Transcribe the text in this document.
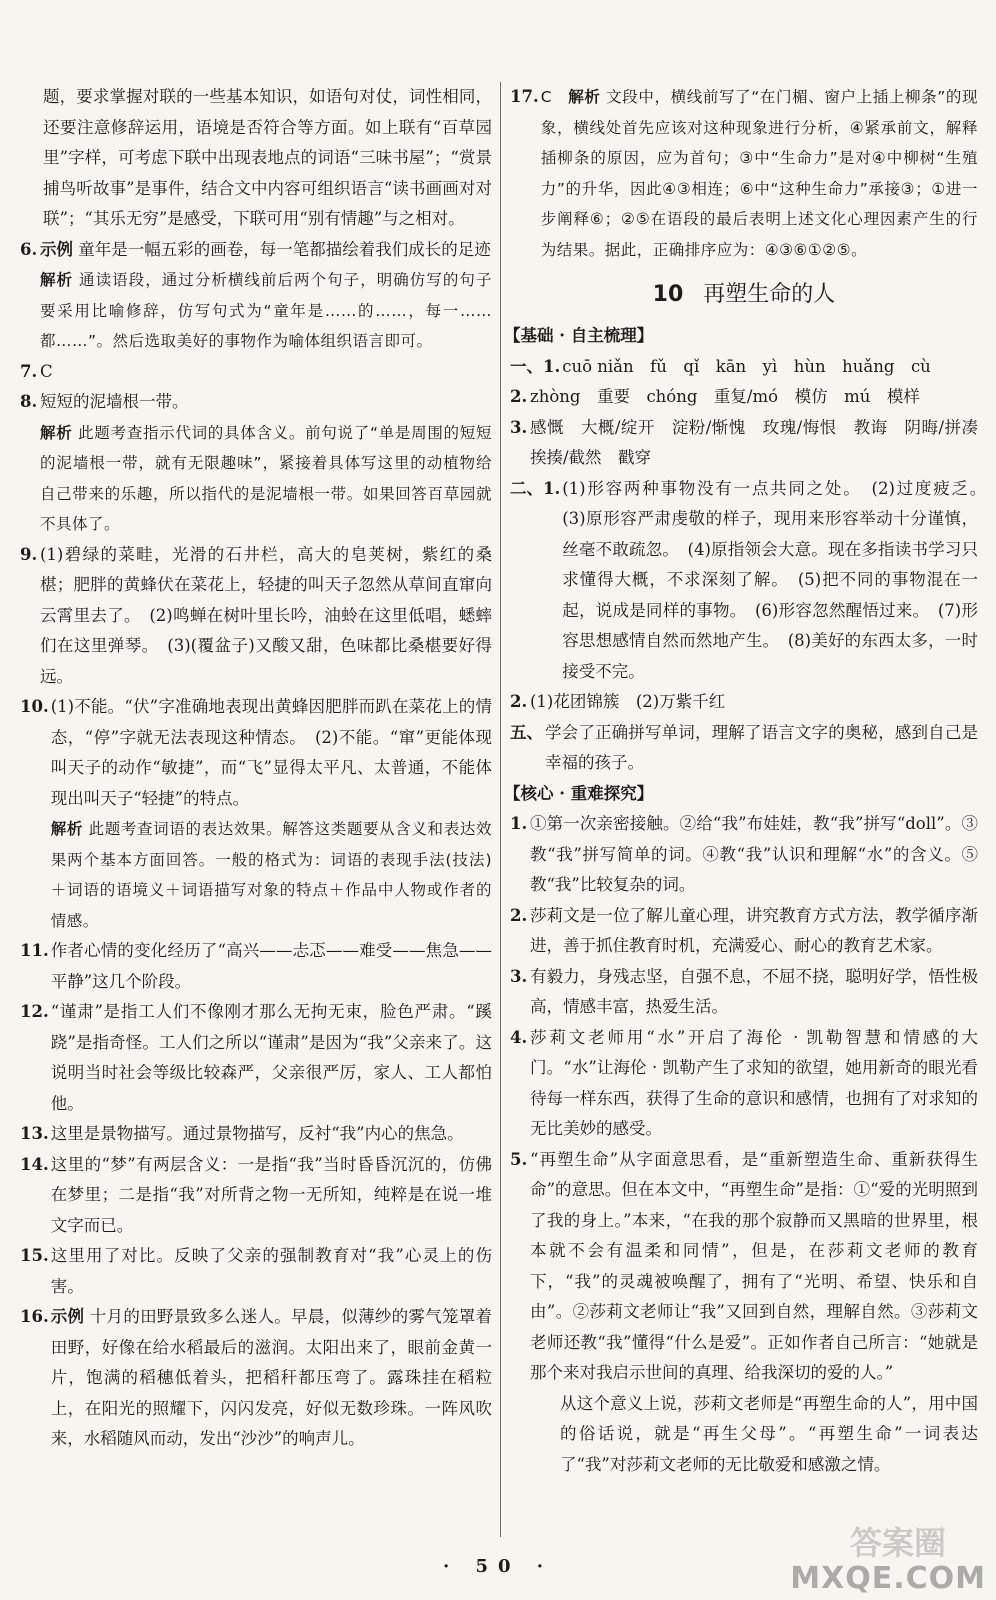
题，要求掌握对联的一些基本知识，如语句对仗，词性相同，还要注意修辞运用，语境是否符合等方面。如上联有“百草园里”字样，可考虑下联中出现表地点的词语“三味书屋”；“赏景捕鸟听故事”是事件，结合文中内容可组织语言“读书画画对对联”；“其乐无穷”是感受，下联可用“别有情趣”与之相对。

6. 示例 童年是一幅五彩的画卷，每一笔都描绘着我们成长的足迹

解析 通读语段，通过分析横线前后两个句子，明确仿写的句子要采用比喻修辞，仿写句式为“童年是……的……，每一……都……”。然后选取美好的事物作为喻体组织语言即可。

7. C

8. 短短的泥墙根一带。

解析 此题考查指示代词的具体含义。前句说了“单是周围的短短的泥墙根一带，就有无限趣味”，紧接着具体写这里的动植物给自己带来的乐趣，所以指代的是泥墙根一带。如果回答百草园就不具体了。

9. (1)碧绿的菜畦，光滑的石井栏，高大的皂荚树，紫红的桑椹；肥胖的黄蜂伏在菜花上，轻捷的叫天子忽然从草间直窜向云霄里去了。　(2)鸣蝉在树叶里长吟，油蛉在这里低唱，蟋蟀们在这里弹琴。　(3)(覆盆子)又酸又甜，色味都比桑椹要好得远。

10. (1)不能。“伏”字准确地表现出黄蜂因肥胖而趴在菜花上的情态，“停”字就无法表现这种情态。　(2)不能。“窜”更能体现叫天子的动作“敏捷”，而“飞”显得太平凡、太普通，不能体现出叫天子“轻捷”的特点。

解析 此题考查词语的表达效果。解答这类题要从含义和表达效果两个基本方面回答。一般的格式为：词语的表现手法(技法)＋词语的语境义＋词语描写对象的特点＋作品中人物或作者的情感。

11. 作者心情的变化经历了“高兴——忐忑——难受——焦急——平静”这几个阶段。

12. “谨肃”是指工人们不像刚才那么无拘无束，脸色严肃。“蹊跷”是指奇怪。工人们之所以“谨肃”是因为“我”父亲来了。这说明当时社会等级比较森严，父亲很严厉，家人、工人都怕他。

13. 这里是景物描写。通过景物描写，反衬“我”内心的焦急。

14. 这里的“梦”有两层含义：一是指“我”当时昏昏沉沉的，仿佛在梦里；二是指“我”对所背之物一无所知，纯粹是在说一堆文字而已。

15. 这里用了对比。反映了父亲的强制教育对“我”心灵上的伤害。

16. 示例 十月的田野景致多么迷人。早晨，似薄纱的雾气笼罩着田野，好像在给水稻最后的滋润。太阳出来了，眼前金黄一片，饱满的稻穗低着头，把稻秆都压弯了。露珠挂在稻粒上，在阳光的照耀下，闪闪发亮，好似无数珍珠。一阵风吹来，水稻随风而动，发出“沙沙”的响声儿。

17. C　 解析 文段中，横线前写了“在门楣、窗户上插上柳条”的现象，横线处首先应该对这种现象进行分析，④紧承前文，解释插柳条的原因，应为首句；③中“生命力”是对④中柳树“生殖力”的升华，因此④③相连；⑥中“这种生命力”承接③；①进一步阐释⑥；②⑤在语段的最后表明上述文化心理因素产生的行为结果。据此，正确排序应为：④③⑥①②⑤。

10 再塑生命的人

【基础 · 自主梳理】

一、1. cuō niǎn　fǔ　qǐ　kān　yì　hùn　huǎng　cù

2. zhòng　重要　chóng　重复/mó　模仿　mú　模样

3. 感慨　大概/绽开　淀粉/惭愧　玫瑰/悔恨　教诲　阴晦/拼凑　挨揍/截然　戳穿

二、1. (1)形容两种事物没有一点共同之处。　(2)过度疲乏。　(3)原形容严肃虔敬的样子，现用来形容举动十分谨慎，丝毫不敢疏忽。　(4)原指领会大意。现在多指读书学习只求懂得大概，不求深刻了解。　(5)把不同的事物混在一起，说成是同样的事物。　(6)形容忽然醒悟过来。　(7)形容思想感情自然而然地产生。　(8)美好的东西太多，一时接受不完。

2. (1)花团锦簇　(2)万紫千红

五、 学会了正确拼写单词，理解了语言文字的奥秘，感到自己是幸福的孩子。

【核心 · 重难探究】

1. ①第一次亲密接触。②给“我”布娃娃，教“我”拼写“doll”。③教“我”拼写简单的词。④教“我”认识和理解“水”的含义。⑤教“我”比较复杂的词。

2. 莎莉文是一位了解儿童心理，讲究教育方式方法，教学循序渐进，善于抓住教育时机，充满爱心、耐心的教育艺术家。

3. 有毅力，身残志坚，自强不息，不屈不挠，聪明好学，悟性极高，情感丰富，热爱生活。

4. 莎莉文老师用“水”开启了海伦 · 凯勒智慧和情感的大门。“水”让海伦 · 凯勒产生了求知的欲望，她用新奇的眼光看待每一样东西，获得了生命的意识和感情，也拥有了对求知的无比美妙的感受。

5. “再塑生命”从字面意思看，是“重新塑造生命、重新获得生命”的意思。但在本文中，“再塑生命”是指：①“爱的光明照到了我的身上。”本来，“在我的那个寂静而又黑暗的世界里，根本就不会有温柔和同情”，但是，在莎莉文老师的教育下，“我”的灵魂被唤醒了，拥有了“光明、希望、快乐和自由”。②莎莉文老师让“我”又回到自然，理解自然。③莎莉文老师还教“我”懂得“什么是爱”。正如作者自己所言：“她就是那个来对我启示世间的真理、给我深切的爱的人。”

从这个意义上说，莎莉文老师是“再塑生命的人”，用中国的俗话说，就是“再生父母”。“再塑生命”一词表达了“我”对莎莉文老师的无比敬爱和感激之情。

· 50 ·
答案圈
MXQE.COM
